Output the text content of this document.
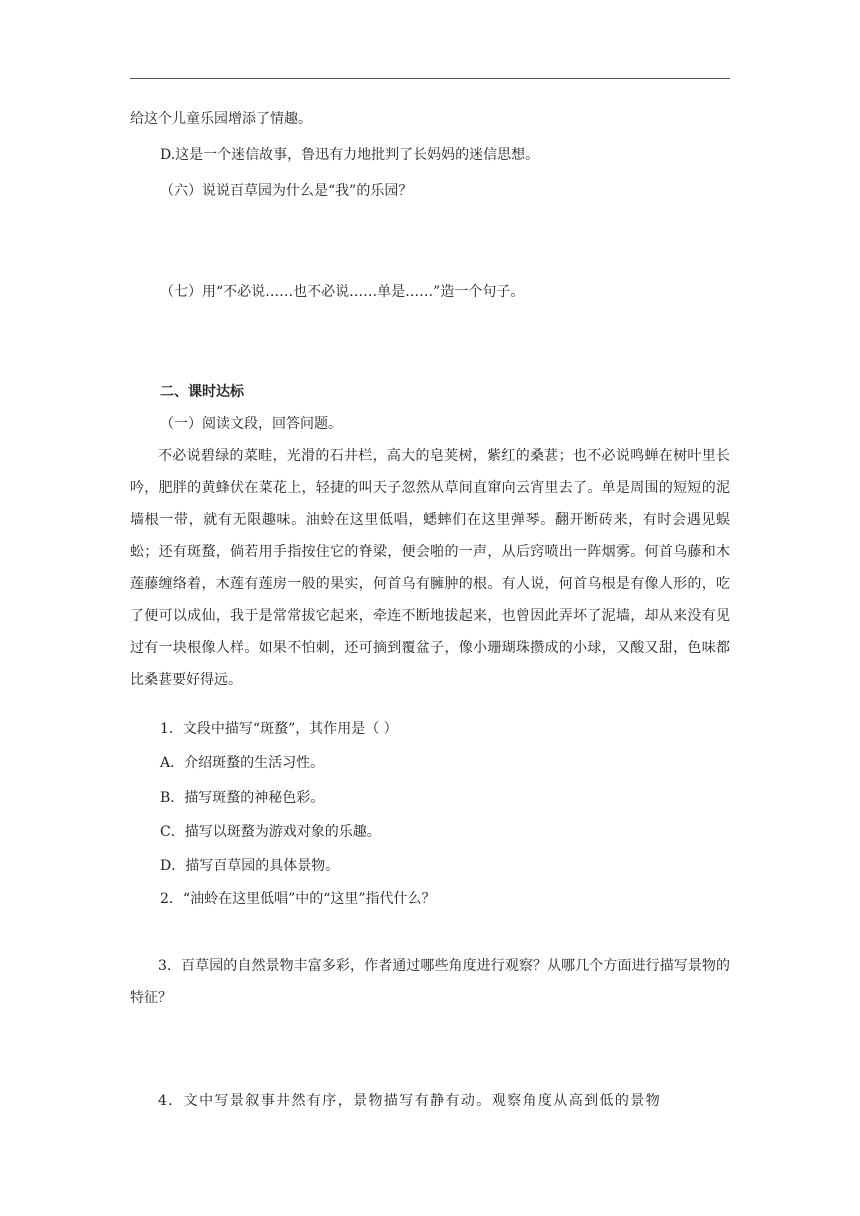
给这个儿童乐园增添了情趣。
D.这是一个迷信故事，鲁迅有力地批判了长妈妈的迷信思想。
（六）说说百草园为什么是“我”的乐园？
（七）用“不必说……也不必说……单是……”造一个句子。
二、课时达标
（一）阅读文段，回答问题。
不必说碧绿的菜畦，光滑的石井栏，高大的皂荚树，紫红的桑葚；也不必说鸣蝉在树叶里长吟，肥胖的黄蜂伏在菜花上，轻捷的叫天子忽然从草间直窜向云宵里去了。单是周围的短短的泥墙根一带，就有无限趣味。油蛉在这里低唱，蟋蟀们在这里弹琴。翻开断砖来，有时会遇见蜈蚣；还有斑蝥，倘若用手指按住它的脊梁，便会啪的一声，从后窍喷出一阵烟雾。何首乌藤和木莲藤缠络着，木莲有莲房一般的果实，何首乌有臃肿的根。有人说，何首乌根是有像人形的，吃了便可以成仙，我于是常常拔它起来，牵连不断地拔起来，也曾因此弄坏了泥墙，却从来没有见过有一块根像人样。如果不怕刺，还可摘到覆盆子，像小珊瑚珠攒成的小球，又酸又甜，色味都比桑葚要好得远。
1．文段中描写“斑蝥”，其作用是（ ）
A．介绍斑蝥的生活习性。
B．描写斑蝥的神秘色彩。
C．描写以斑蝥为游戏对象的乐趣。
D．描写百草园的具体景物。
2．“油蛉在这里低唱”中的“这里”指代什么？
3．百草园的自然景物丰富多彩，作者通过哪些角度进行观察？从哪几个方面进行描写景物的特征？
4．文中写景叙事井然有序，景物描写有静有动。观察角度从高到低的景物
